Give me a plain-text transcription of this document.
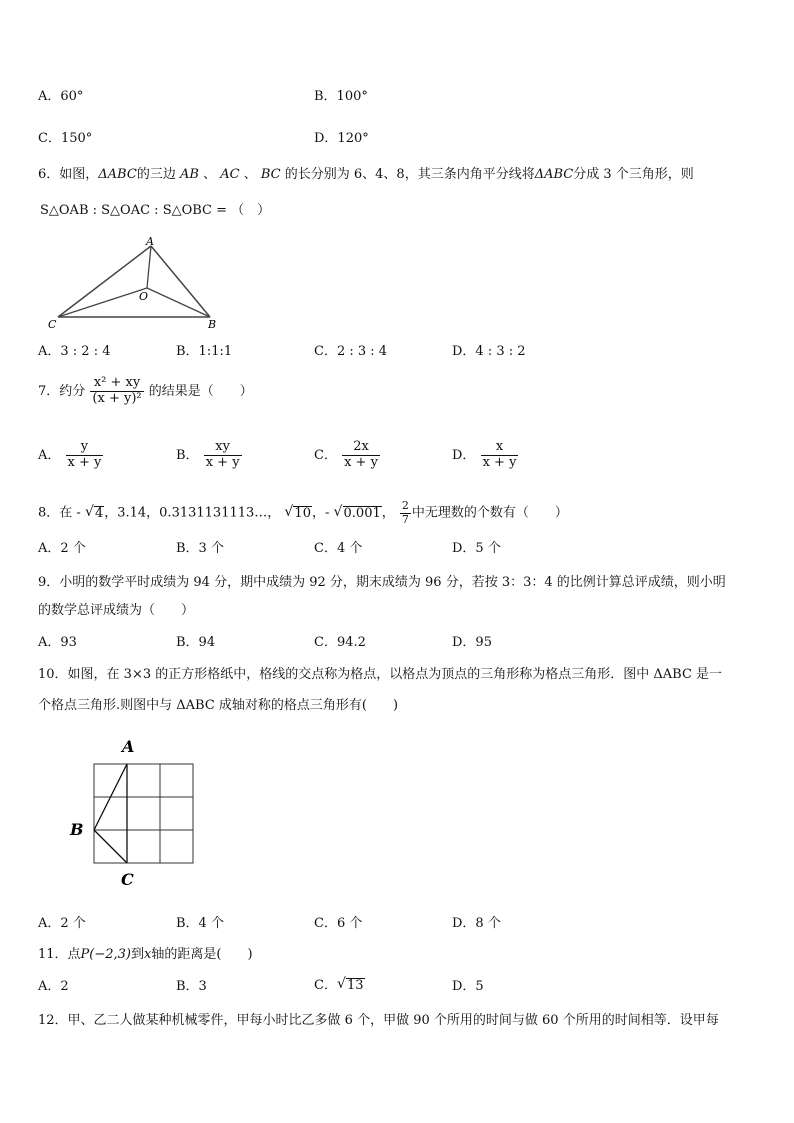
A．60°	B．100°
C．150°	D．120°
6．如图，ΔABC的三边 AB 、 AC 、 BC 的长分别为 6、4、8，其三条内角平分线将ΔABC分成 3 个三角形，则
S△OAB : S△OAC : S△OBC = （　）
A
O
C	B
A．3 : 2 : 4	B．1:1:1	C．2 : 3 : 4	D．4 : 3 : 2
7．约分 $\frac{\text{x² + xy}}{\text{(x + y)²}}$ 的结果是（　　）
A． $\frac{y}{x + y}$	B． $\frac{xy}{x + y}$	C． $\frac{2x}{x + y}$	D． $\frac{x}{x + y}$
8．在 - √ 4，3.14，0.3131131113…， √ 10，- √ 0.001， $\frac{2}{7}$ 中无理数的个数有（　　）
A．2 个	B．3 个	C．4 个	D．5 个
9．小明的数学平时成绩为 94 分，期中成绩为 92 分，期末成绩为 96 分，若按 3：3：4 的比例计算总评成绩，则小明
的数学总评成绩为（　　）
A．93	B．94	C．94.2	D．95
10．如图，在 3×3 的正方形格纸中，格线的交点称为格点，以格点为顶点的三角形称为格点三角形．图中 ΔABC 是一
个格点三角形.则图中与 ΔABC 成轴对称的格点三角形有(　　)
A
B
C
A．2 个	B．4 个	C．6 个	D．8 个
11．点P(−2,3)到x轴的距离是(　　)
A．2	B．3	C． √ 13	D．5
12．甲、乙二人做某种机械零件，甲每小时比乙多做 6 个，甲做 90 个所用的时间与做 60 个所用的时间相等．设甲每
